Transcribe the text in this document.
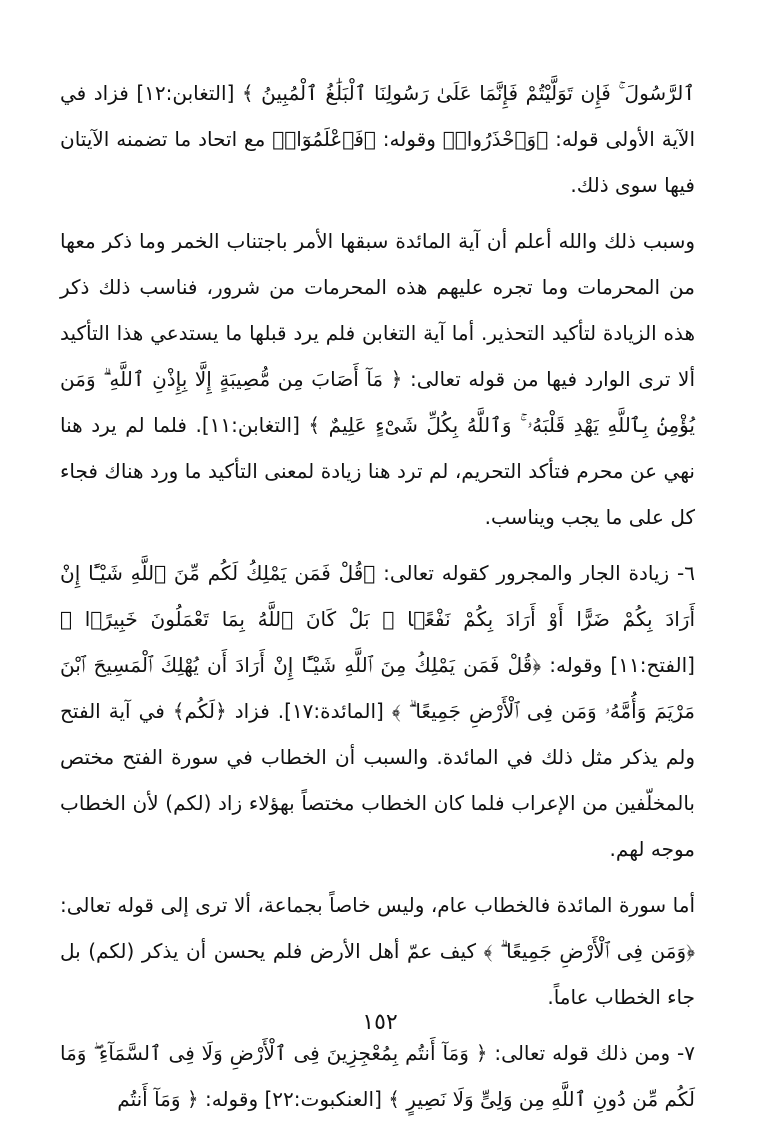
ٱلرَّسُولَ ۚ فَإِن تَوَلَّيْتُمْ فَإِنَّمَا عَلَىٰ رَسُولِنَا ٱلْبَلَٰغُ ٱلْمُبِينُ ﴾ [التغابن:١٢] فزاد في الآية الأولى قوله: ﴿وَٱحْذَرُوا۟﴾ وقوله: ﴿فَٱعْلَمُوٓا۟﴾ مع اتحاد ما تضمنه الآيتان فيها سوى ذلك.

وسبب ذلك والله أعلم أن آية المائدة سبقها الأمر باجتناب الخمر وما ذكر معها من المحرمات وما تجره عليهم هذه المحرمات من شرور، فناسب ذلك ذكر هذه الزيادة لتأكيد التحذير. أما آية التغابن فلم يرد قبلها ما يستدعي هذا التأكيد ألا ترى الوارد فيها من قوله تعالى: ﴿ مَآ أَصَابَ مِن مُّصِيبَةٍ إِلَّا بِإِذْنِ ٱللَّهِ ۗ وَمَن يُؤْمِنۢ بِٱللَّهِ يَهْدِ قَلْبَهُۥ ۚ وَٱللَّهُ بِكُلِّ شَىْءٍ عَلِيمٌ ﴾ [التغابن:١١]. فلما لم يرد هنا نهي عن محرم فتأكد التحريم، لم ترد هنا زيادة لمعنى التأكيد ما ورد هناك فجاء كل على ما يجب ويناسب.

٦- زيادة الجار والمجرور كقوله تعالى: ﴿قُلْ فَمَن يَمْلِكُ لَكُم مِّنَ ٱللَّهِ شَيْـًٔا إِنْ أَرَادَ بِكُمْ ضَرًّا أَوْ أَرَادَ بِكُمْ نَفْعًۢا ۚ بَلْ كَانَ ٱللَّهُ بِمَا تَعْمَلُونَ خَبِيرًۢا ﴾ [الفتح:١١] وقوله: ﴿قُلْ فَمَن يَمْلِكُ مِنَ ٱللَّهِ شَيْـًٔا إِنْ أَرَادَ أَن يُهْلِكَ ٱلْمَسِيحَ ٱبْنَ مَرْيَمَ وَأُمَّهُۥ وَمَن فِى ٱلْأَرْضِ جَمِيعًا ۗ ﴾ [المائدة:١٧]. فزاد ﴿لَكُم﴾ في آية الفتح ولم يذكر مثل ذلك في المائدة. والسبب أن الخطاب في سورة الفتح مختص بالمخلّفين من الإعراب فلما كان الخطاب مختصاً بهؤلاء زاد (لكم) لأن الخطاب موجه لهم.

أما سورة المائدة فالخطاب عام، وليس خاصاً بجماعة، ألا ترى إلى قوله تعالى: ﴿وَمَن فِى ٱلْأَرْضِ جَمِيعًا ۗ ﴾ كيف عمّ أهل الأرض فلم يحسن أن يذكر (لكم) بل جاء الخطاب عاماً.

٧- ومن ذلك قوله تعالى: ﴿ وَمَآ أَنتُم بِمُعْجِزِينَ فِى ٱلْأَرْضِ وَلَا فِى ٱلسَّمَآءِ ۖ وَمَا لَكُم مِّن دُونِ ٱللَّهِ مِن وَلِىٍّ وَلَا نَصِيرٍ ﴾ [العنكبوت:٢٢] وقوله: ﴿ وَمَآ أَنتُم

١٥٢
